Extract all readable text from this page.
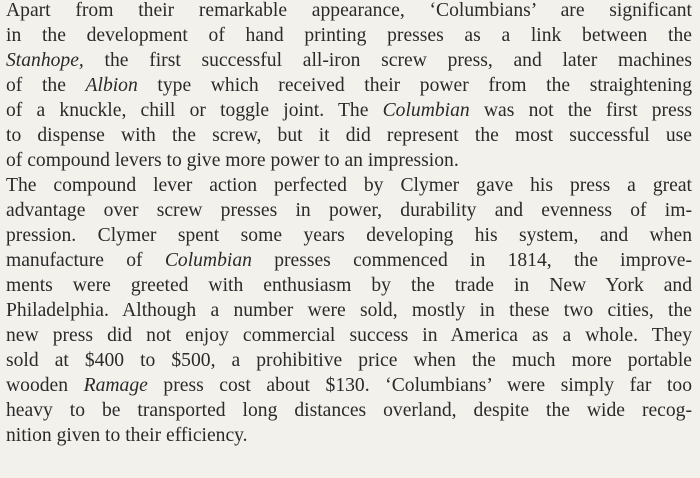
Apart from their remarkable appearance, ‘Columbians’ are significant
in the development of hand printing presses as a link between the
Stanhope, the first successful all-iron screw press, and later machines
of the Albion type which received their power from the straightening
of a knuckle, chill or toggle joint. The Columbian was not the first press
to dispense with the screw, but it did represent the most successful use
of compound levers to give more power to an impression.
The compound lever action perfected by Clymer gave his press a great
advantage over screw presses in power, durability and evenness of im-
pression. Clymer spent some years developing his system, and when
manufacture of Columbian presses commenced in 1814, the improve-
ments were greeted with enthusiasm by the trade in New York and
Philadelphia. Although a number were sold, mostly in these two cities, the
new press did not enjoy commercial success in America as a whole. They
sold at $400 to $500, a prohibitive price when the much more portable
wooden Ramage press cost about $130. ‘Columbians’ were simply far too
heavy to be transported long distances overland, despite the wide recog-
nition given to their efficiency.
